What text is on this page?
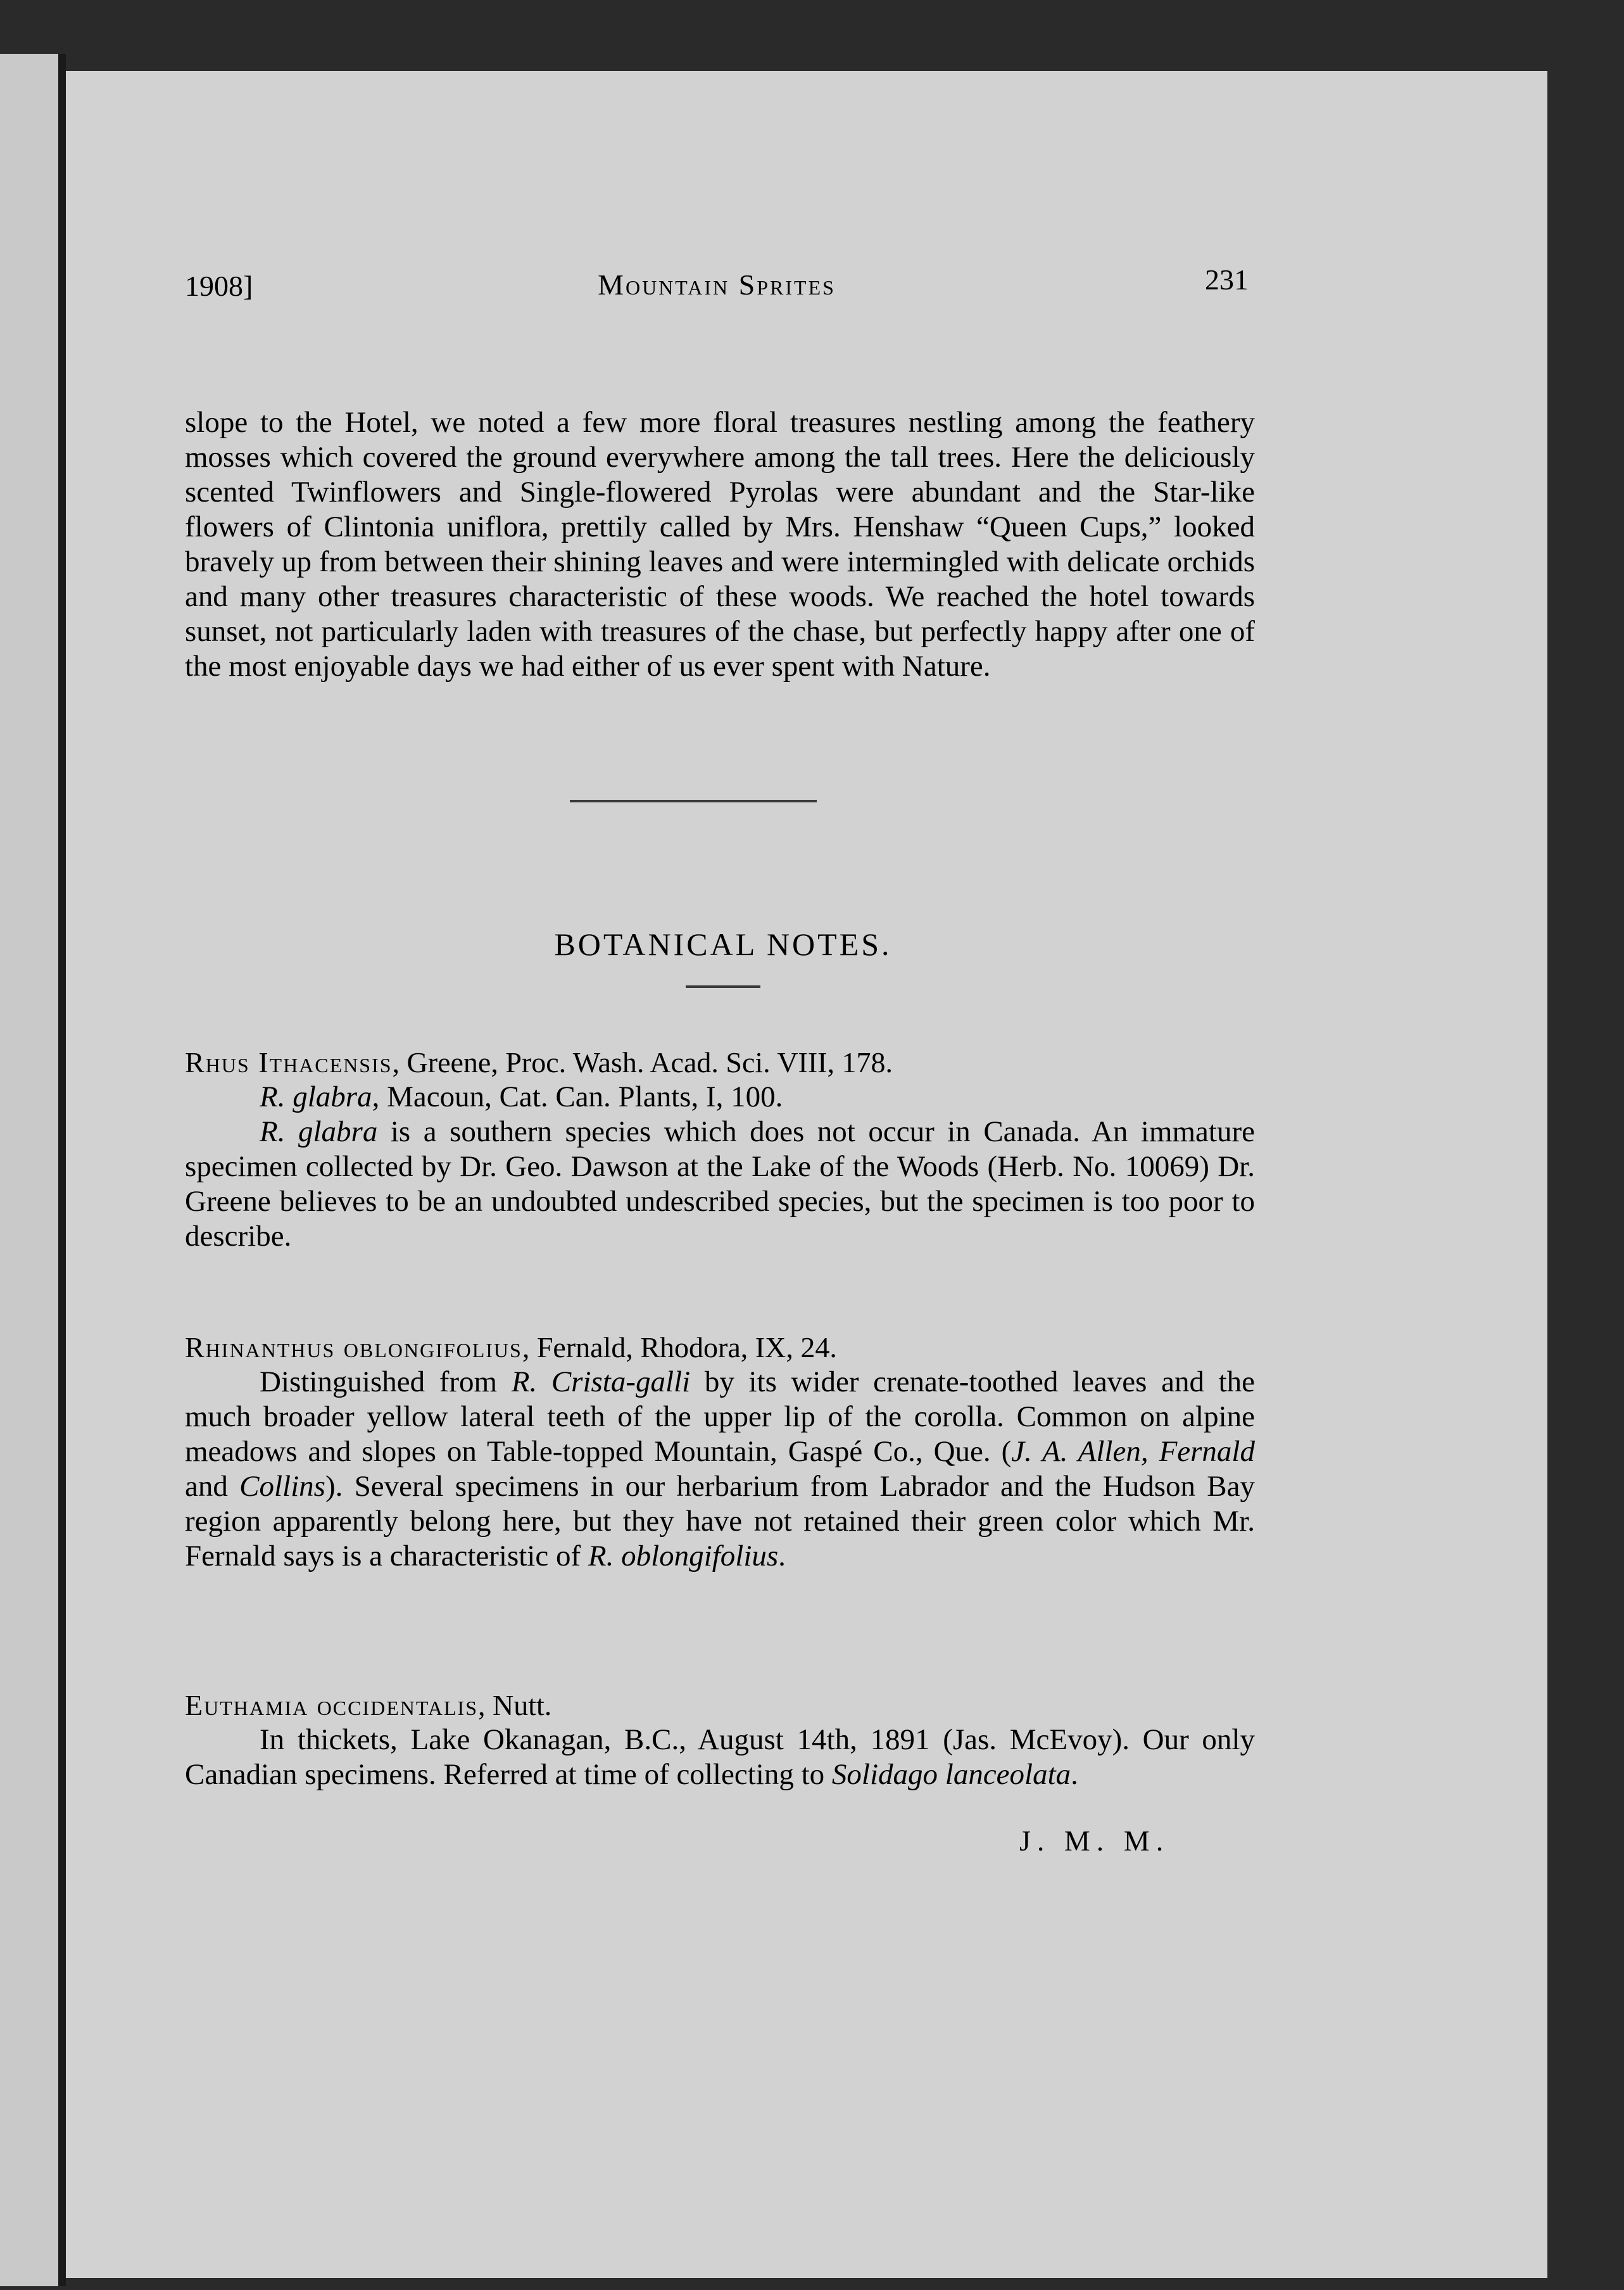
1908]	Mountain Sprites	231

slope to the Hotel, we noted a few more floral treasures nestling among the feathery mosses which covered the ground everywhere among the tall trees. Here the deliciously scented Twinflowers and Single-flowered Pyrolas were abundant and the Star-like flowers of Clintonia uniflora, prettily called by Mrs. Henshaw “Queen Cups,” looked bravely up from between their shining leaves and were intermingled with delicate orchids and many other treasures characteristic of these woods. We reached the hotel towards sunset, not particularly laden with treasures of the chase, but perfectly happy after one of the most enjoyable days we had either of us ever spent with Nature.

BOTANICAL NOTES.

Rhus Ithacensis, Greene, Proc. Wash. Acad. Sci. VIII, 178.

R. glabra, Macoun, Cat. Can. Plants, I, 100.

R. glabra is a southern species which does not occur in Canada. An immature specimen collected by Dr. Geo. Dawson at the Lake of the Woods (Herb. No. 10069) Dr. Greene believes to be an undoubted undescribed species, but the specimen is too poor to describe.

Rhinanthus oblongifolius, Fernald, Rhodora, IX, 24.

Distinguished from R. Crista-galli by its wider crenate-toothed leaves and the much broader yellow lateral teeth of the upper lip of the corolla. Common on alpine meadows and slopes on Table-topped Mountain, Gaspé Co., Que. (J. A. Allen, Fernald and Collins). Several specimens in our herbarium from Labrador and the Hudson Bay region apparently belong here, but they have not retained their green color which Mr. Fernald says is a characteristic of R. oblongifolius.

Euthamia occidentalis, Nutt.

In thickets, Lake Okanagan, B.C., August 14th, 1891 (Jas. McEvoy). Our only Canadian specimens. Referred at time of collecting to Solidago lanceolata.

J. M. M.
